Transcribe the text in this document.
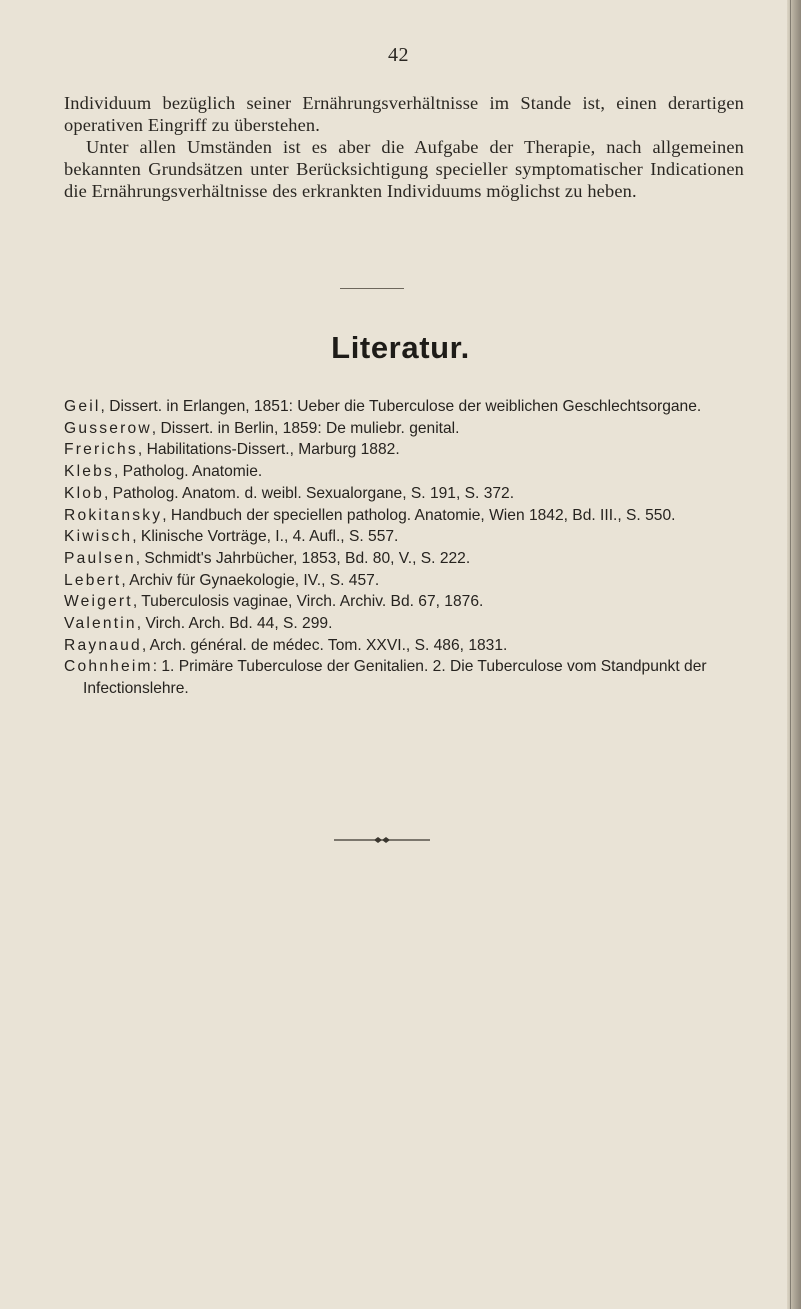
42

Individuum bezüglich seiner Ernährungsverhältnisse im Stande ist, einen derartigen operativen Eingriff zu überstehen.

Unter allen Umständen ist es aber die Aufgabe der Therapie, nach allgemeinen bekannten Grundsätzen unter Berücksichtigung specieller symptomatischer Indicationen die Ernährungsverhältnisse des erkrankten Individuums möglichst zu heben.

Literatur.

Geil, Dissert. in Erlangen, 1851: Ueber die Tuberculose der weiblichen Geschlechtsorgane.

Gusserow, Dissert. in Berlin, 1859: De muliebr. genital.

Frerichs, Habilitations-Dissert., Marburg 1882.

Klebs, Patholog. Anatomie.

Klob, Patholog. Anatom. d. weibl. Sexualorgane, S. 191, S. 372.

Rokitansky, Handbuch der speciellen patholog. Anatomie, Wien 1842, Bd. III., S. 550.

Kiwisch, Klinische Vorträge, I., 4. Aufl., S. 557.

Paulsen, Schmidt's Jahrbücher, 1853, Bd. 80, V., S. 222.

Lebert, Archiv für Gynaekologie, IV., S. 457.

Weigert, Tuberculosis vaginae, Virch. Archiv. Bd. 67, 1876.

Valentin, Virch. Arch. Bd. 44, S. 299.

Raynaud, Arch. général. de médec. Tom. XXVI., S. 486, 1831.

Cohnheim: 1. Primäre Tuberculose der Genitalien. 2. Die Tuberculose vom Standpunkt der Infectionslehre.
